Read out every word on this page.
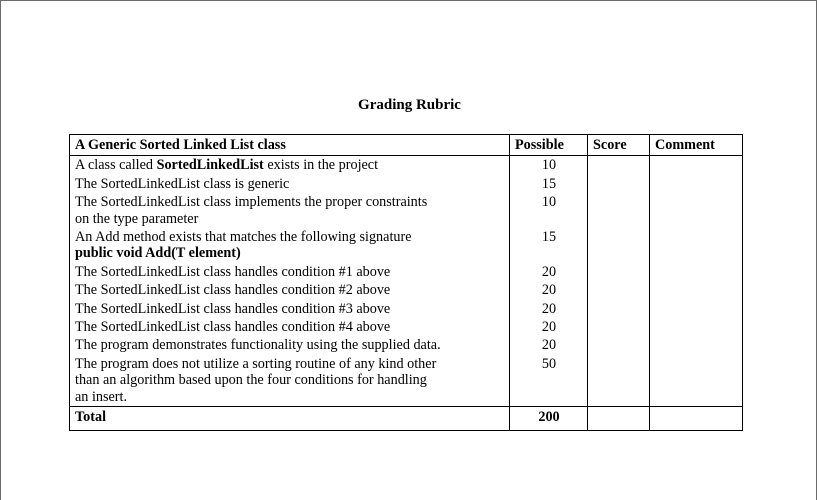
Grading Rubric
A Generic Sorted Linked List class	Possible	Score	Comment
A class called SortedLinkedList exists in the project	10		
The SortedLinkedList class is generic	15		

The SortedLinkedList class implements the proper constraints
on the type parameter	10		

An Add method exists that matches the following signature
public void Add(T element)	15		
The SortedLinkedList class handles condition #1 above	20		
The SortedLinkedList class handles condition #2 above	20		
The SortedLinkedList class handles condition #3 above	20		
The SortedLinkedList class handles condition #4 above	20		
The program demonstrates functionality using the supplied data.	20		

The program does not utilize a sorting routine of any kind other
than an algorithm based upon the four conditions for handling
an insert.	50		
Total	200		
